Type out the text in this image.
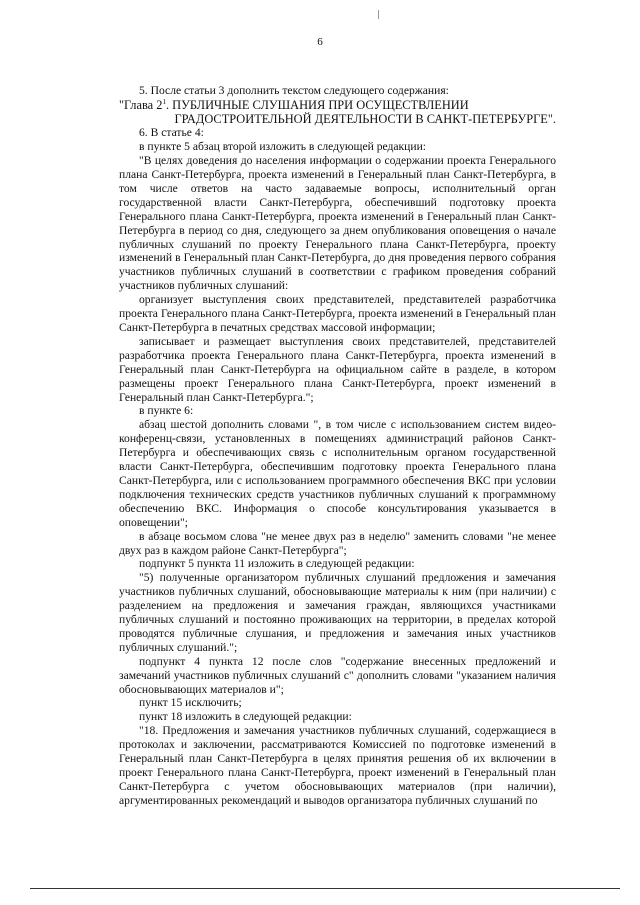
6

5. После статьи 3 дополнить текстом следующего содержания:

"Глава $2^1$. ПУБЛИЧНЫЕ СЛУШАНИЯ ПРИ ОСУЩЕСТВЛЕНИИ

ГРАДОСТРОИТЕЛЬНОЙ ДЕЯТЕЛЬНОСТИ В САНКТ-ПЕТЕРБУРГЕ".

6. В статье 4:

в пункте 5 абзац второй изложить в следующей редакции:

"В целях доведения до населения информации о содержании проекта Генерального плана Санкт-Петербурга, проекта изменений в Генеральный план Санкт-Петербурга, в том числе ответов на часто задаваемые вопросы, исполнительный орган государственной власти Санкт-Петербурга, обеспечивший подготовку проекта Генерального плана Санкт-Петербурга, проекта изменений в Генеральный план Санкт-Петербурга в период со дня, следующего за днем опубликования оповещения о начале публичных слушаний по проекту Генерального плана Санкт-Петербурга, проекту изменений в Генеральный план Санкт-Петербурга, до дня проведения первого собрания участников публичных слушаний в соответствии с графиком проведения собраний участников публичных слушаний:

организует выступления своих представителей, представителей разработчика проекта Генерального плана Санкт-Петербурга, проекта изменений в Генеральный план Санкт-Петербурга в печатных средствах массовой информации;

записывает и размещает выступления своих представителей, представителей разработчика проекта Генерального плана Санкт-Петербурга, проекта изменений в Генеральный план Санкт-Петербурга на официальном сайте в разделе, в котором размещены проект Генерального плана Санкт-Петербурга, проект изменений в Генеральный план Санкт-Петербурга.";

в пункте 6:

абзац шестой дополнить словами ", в том числе с использованием систем видео-конференц-связи, установленных в помещениях администраций районов Санкт-Петербурга и обеспечивающих связь с исполнительным органом государственной власти Санкт-Петербурга, обеспечившим подготовку проекта Генерального плана Санкт-Петербурга, или с использованием программного обеспечения ВКС при условии подключения технических средств участников публичных слушаний к программному обеспечению ВКС. Информация о способе консультирования указывается в оповещении";

в абзаце восьмом слова "не менее двух раз в неделю" заменить словами "не менее двух раз в каждом районе Санкт-Петербурга";

подпункт 5 пункта 11 изложить в следующей редакции:

"5) полученные организатором публичных слушаний предложения и замечания участников публичных слушаний, обосновывающие материалы к ним (при наличии) с разделением на предложения и замечания граждан, являющихся участниками публичных слушаний и постоянно проживающих на территории, в пределах которой проводятся публичные слушания, и предложения и замечания иных участников публичных слушаний.";

подпункт 4 пункта 12 после слов "содержание внесенных предложений и замечаний участников публичных слушаний с" дополнить словами "указанием наличия обосновывающих материалов и";

пункт 15 исключить;

пункт 18 изложить в следующей редакции:

"18. Предложения и замечания участников публичных слушаний, содержащиеся в протоколах и заключении, рассматриваются Комиссией по подготовке изменений в Генеральный план Санкт-Петербурга в целях принятия решения об их включении в проект Генерального плана Санкт-Петербурга, проект изменений в Генеральный план Санкт-Петербурга с учетом обосновывающих материалов (при наличии), аргументированных рекомендаций и выводов организатора публичных слушаний по
